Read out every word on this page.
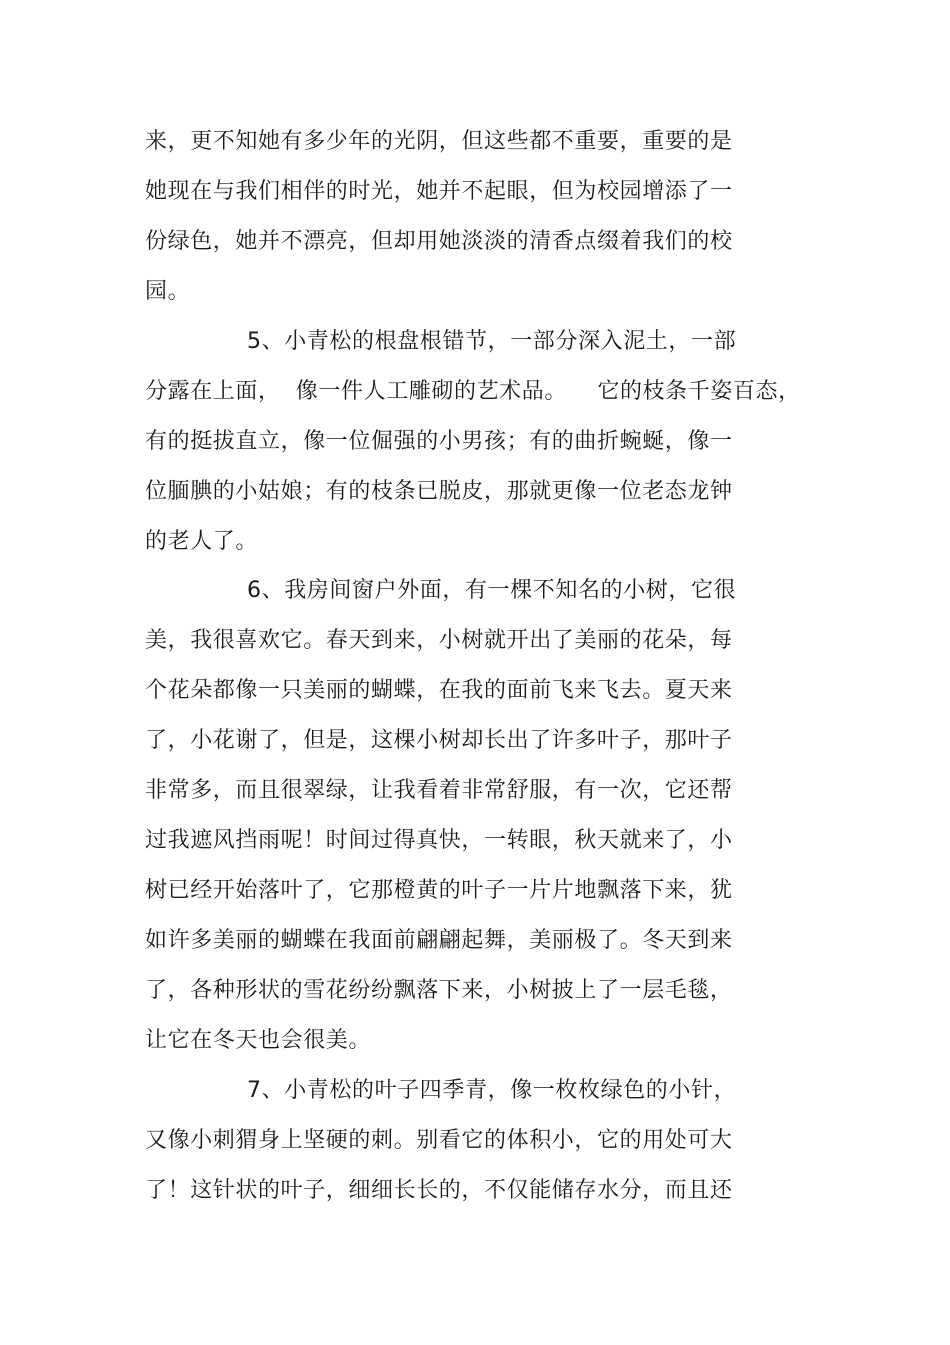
来，更不知她有多少年的光阴，但这些都不重要，重要的是
她现在与我们相伴的时光，她并不起眼，但为校园增添了一
份绿色，她并不漂亮，但却用她淡淡的清香点缀着我们的校
园。
5、小青松的根盘根错节，一部分深入泥土，一部
分露在上面，  像一件人工雕砌的艺术品。    它的枝条千姿百态，
有的挺拔直立，像一位倔强的小男孩；有的曲折蜿蜒，像一
位腼腆的小姑娘；有的枝条已脱皮，那就更像一位老态龙钟
的老人了。
6、我房间窗户外面，有一棵不知名的小树，它很
美，我很喜欢它。春天到来，小树就开出了美丽的花朵，每
个花朵都像一只美丽的蝴蝶，在我的面前飞来飞去。夏天来
了，小花谢了，但是，这棵小树却长出了许多叶子，那叶子
非常多，而且很翠绿，让我看着非常舒服，有一次，它还帮
过我遮风挡雨呢！时间过得真快，一转眼，秋天就来了，小
树已经开始落叶了，它那橙黄的叶子一片片地飘落下来，犹
如许多美丽的蝴蝶在我面前翩翩起舞，美丽极了。冬天到来
了，各种形状的雪花纷纷飘落下来，小树披上了一层毛毯，
让它在冬天也会很美。
7、小青松的叶子四季青，像一枚枚绿色的小针，
又像小刺猬身上坚硬的刺。别看它的体积小，它的用处可大
了！这针状的叶子，细细长长的，不仅能储存水分，而且还
